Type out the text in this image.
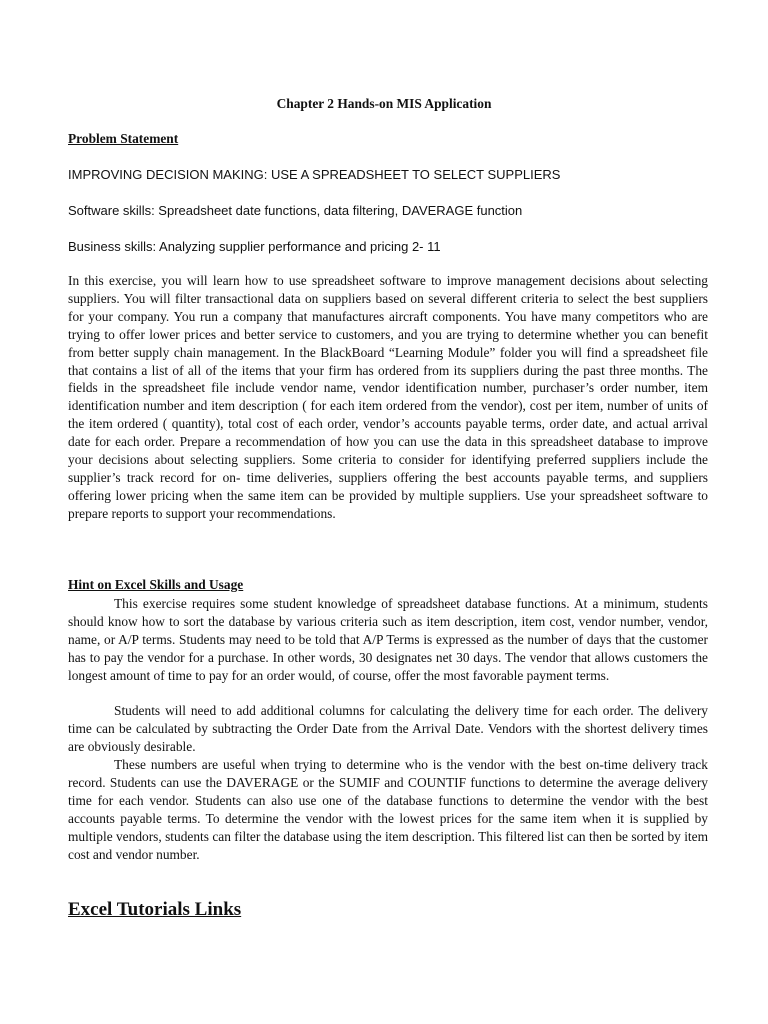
Chapter 2 Hands-on MIS Application

Problem Statement

IMPROVING DECISION MAKING: USE A SPREADSHEET TO SELECT SUPPLIERS

Software skills: Spreadsheet date functions, data filtering, DAVERAGE function

Business skills: Analyzing supplier performance and pricing 2- 11

In this exercise, you will learn how to use spreadsheet software to improve management decisions about selecting suppliers. You will filter transactional data on suppliers based on several different criteria to select the best suppliers for your company. You run a company that manufactures aircraft components. You have many competitors who are trying to offer lower prices and better service to customers, and you are trying to determine whether you can benefit from better supply chain management. In the BlackBoard “Learning Module” folder you will find a spreadsheet file that contains a list of all of the items that your firm has ordered from its suppliers during the past three months. The fields in the spreadsheet file include vendor name, vendor identification number, purchaser’s order number, item identification number and item description ( for each item ordered from the vendor), cost per item, number of units of the item ordered ( quantity), total cost of each order, vendor’s accounts payable terms, order date, and actual arrival date for each order. Prepare a recommendation of how you can use the data in this spreadsheet database to improve your decisions about selecting suppliers. Some criteria to consider for identifying preferred suppliers include the supplier’s track record for on- time deliveries, suppliers offering the best accounts payable terms, and suppliers offering lower pricing when the same item can be provided by multiple suppliers. Use your spreadsheet software to prepare reports to support your recommendations.

Hint on Excel Skills and Usage

This exercise requires some student knowledge of spreadsheet database functions. At a minimum, students should know how to sort the database by various criteria such as item description, item cost, vendor number, vendor, name, or A/P terms. Students may need to be told that A/P Terms is expressed as the number of days that the customer has to pay the vendor for a purchase. In other words, 30 designates net 30 days. The vendor that allows customers the longest amount of time to pay for an order would, of course, offer the most favorable payment terms.

Students will need to add additional columns for calculating the delivery time for each order. The delivery time can be calculated by subtracting the Order Date from the Arrival Date. Vendors with the shortest delivery times are obviously desirable.

These numbers are useful when trying to determine who is the vendor with the best on-time delivery track record. Students can use the DAVERAGE or the SUMIF and COUNTIF functions to determine the average delivery time for each vendor. Students can also use one of the database functions to determine the vendor with the best accounts payable terms. To determine the vendor with the lowest prices for the same item when it is supplied by multiple vendors, students can filter the database using the item description. This filtered list can then be sorted by item cost and vendor number.

Excel Tutorials Links
